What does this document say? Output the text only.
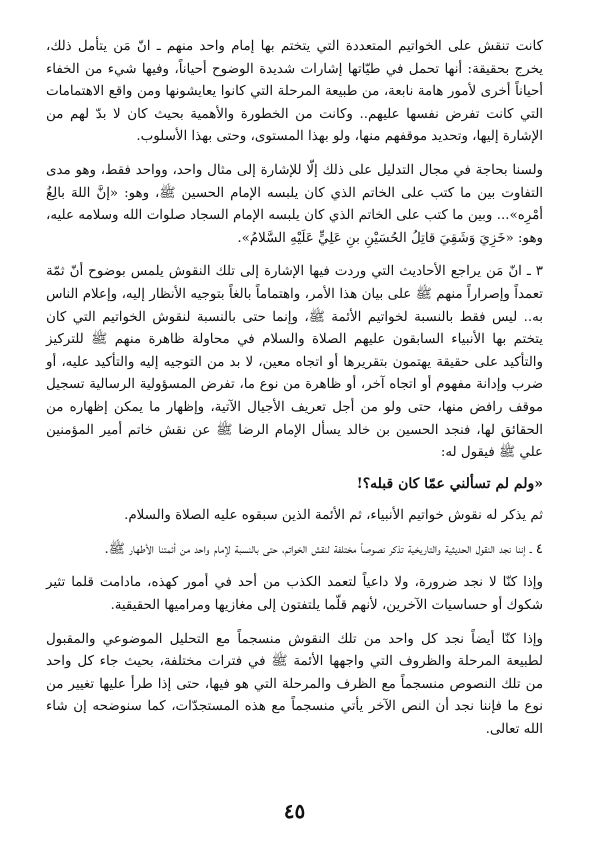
كانت تنقش على الخواتيم المتعددة التي يتختم بها إمام واحد منهم ـ انّ مَن يتأمل ذلك، يخرج بحقيقة: أنها تحمل في طيّاتها إشارات شديدة الوضوح أحياناً، وفيها شيء من الخفاء أحياناً أخرى لأمور هامة نابعة، من طبيعة المرحلة التي كانوا يعايشونها ومن واقع الاهتمامات التي كانت تفرض نفسها عليهم.. وكانت من الخطورة والأهمية بحيث كان لا بدّ لهم من الإشارة إليها، وتحديد موقفهم منها، ولو بهذا المستوى، وحتى بهذا الأسلوب.

ولسنا بحاجة في مجال التدليل على ذلك إلّا للإشارة إلى مثال واحد، وواحد فقط، وهو مدى التفاوت بين ما كتب على الخاتم الذي كان يلبسه الإمام الحسين ﷺ، وهو: «إنَّ اللهَ بالِغُ أمْرِه»... وبين ما كتب على الخاتم الذي كان يلبسه الإمام السجاد صلوات الله وسلامه عليه، وهو: «خَزِيَ وَشَقِيَ قاتِلُ الحُسَيْنِ بنِ عَلِيٍّ عَلَيْهِ السَّلامُ».

٣ ـ انّ مَن يراجع الأحاديث التي وردت فيها الإشارة إلى تلك النقوش يلمس بوضوح أنّ ثمّة تعمداً وإصراراً منهم ﷺ على بيان هذا الأمر، واهتماماً بالغاً بتوجيه الأنظار إليه، وإعلام الناس به.. ليس فقط بالنسبة لخواتيم الأئمة ﷺ، وإنما حتى بالنسبة لنقوش الخواتيم التي كان يتختم بها الأنبياء السابقون عليهم الصلاة والسلام في محاولة ظاهرة منهم ﷺ للتركيز والتأكيد على حقيقة يهتمون بتقريرها أو اتجاه معين، لا بد من التوجيه إليه والتأكيد عليه، أو ضرب وإدانة مفهوم أو اتجاه آخر، أو ظاهرة من نوع ما، تفرض المسؤولية الرسالية تسجيل موقف رافض منها، حتى ولو من أجل تعريف الأجيال الآتية، وإظهار ما يمكن إظهاره من الحقائق لها، فنجد الحسين بن خالد يسأل الإمام الرضا ﷺ عن نقش خاتم أمير المؤمنين علي ﷺ فيقول له:

«ولم لم تسألني عمّا كان قبله؟!

ثم يذكر له نقوش خواتيم الأنبياء، ثم الأئمة الذين سبقوه عليه الصلاة والسلام.

٤ ـ إننا نجد النقول الحديثية والتاريخية تذكر نصوصاً مختلفة لنقش الخواتم، حتى بالنسبة لإمام واحد من أئمتنا الأطهار ﷺ.

وإذا كنّا لا نجد ضرورة، ولا داعياً لتعمد الكذب من أحد في أمور كهذه، مادامت قلما تثير شكوك أو حساسيات الآخرين، لأنهم قلّما يلتفتون إلى مغازيها ومراميها الحقيقية.

وإذا كنّا أيضاً نجد كل واحد من تلك النقوش منسجماً مع التحليل الموضوعي والمقبول لطبيعة المرحلة والظروف التي واجهها الأئمة ﷺ في فترات مختلفة، بحيث جاء كل واحد من تلك النصوص منسجماً مع الظرف والمرحلة التي هو فيها، حتى إذا طرأ عليها تغيير من نوع ما فإننا نجد أن النص الآخر يأتي منسجماً مع هذه المستجدّات، كما سنوضحه إن شاء الله تعالى.

٤٥
